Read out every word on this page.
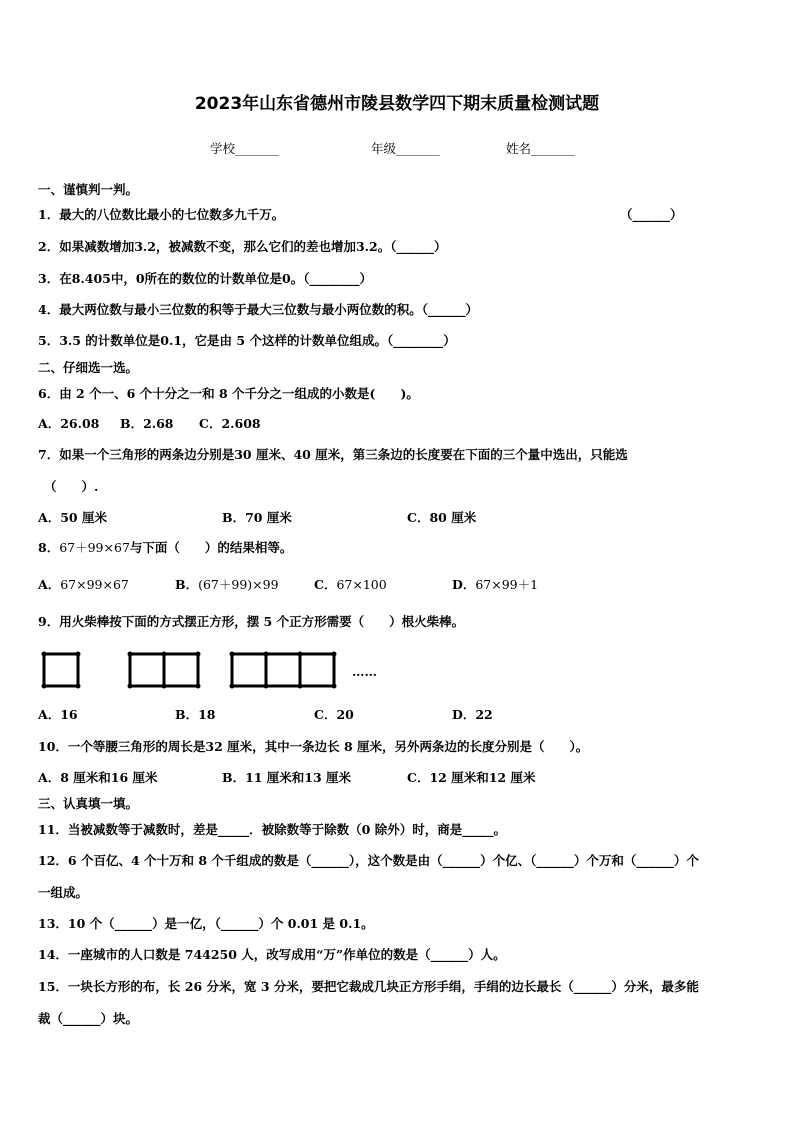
2023年山东省德州市陵县数学四下期末质量检测试题
学校_______	年级_______	姓名_______
一、谨慎判一判。
1．最大的八位数比最小的七位数多九千万。	（______）
2．如果减数增加3.2，被减数不变，那么它们的差也增加3.2。（______）
3．在8.405中，0所在的数位的计数单位是0。（________）
4．最大两位数与最小三位数的积等于最大三位数与最小两位数的积。（______）
5．3.5 的计数单位是0.1，它是由 5 个这样的计数单位组成。（________）
二、仔细选一选。
6．由 2 个一、6 个十分之一和 8 个千分之一组成的小数是(　　)。
A．26.08 B．2.68 C．2.608
7．如果一个三角形的两条边分别是30 厘米、40 厘米，第三条边的长度要在下面的三个量中选出，只能选
（　　）.
A．50 厘米	B．70 厘米	C．80 厘米
8．67＋99×67与下面（　　）的结果相等。
A．67×99×67	B．(67＋99)×99	C．67×100	D．67×99＋1
9．用火柴棒按下面的方式摆正方形，摆 5 个正方形需要（　　）根火柴棒。
……
A．16	B．18	C．20	D．22
10．一个等腰三角形的周长是32 厘米，其中一条边长 8 厘米，另外两条边的长度分别是（　　）。
A．8 厘米和16 厘米	B．11 厘米和13 厘米	C．12 厘米和12 厘米
三、认真填一填。
11．当被减数等于减数时，差是_____．被除数等于除数（0 除外）时，商是_____。
12．6 个百亿、4 个十万和 8 个千组成的数是（______），这个数是由（______）个亿、（______）个万和（______）个
一组成。
13．10 个（______）是一亿，（______）个 0.01 是 0.1。
14．一座城市的人口数是 744250 人，改写成用“万”作单位的数是（______）人。
15．一块长方形的布，长 26 分米，宽 3 分米，要把它裁成几块正方形手绢，手绢的边长最长（______）分米，最多能
裁（______）块。
